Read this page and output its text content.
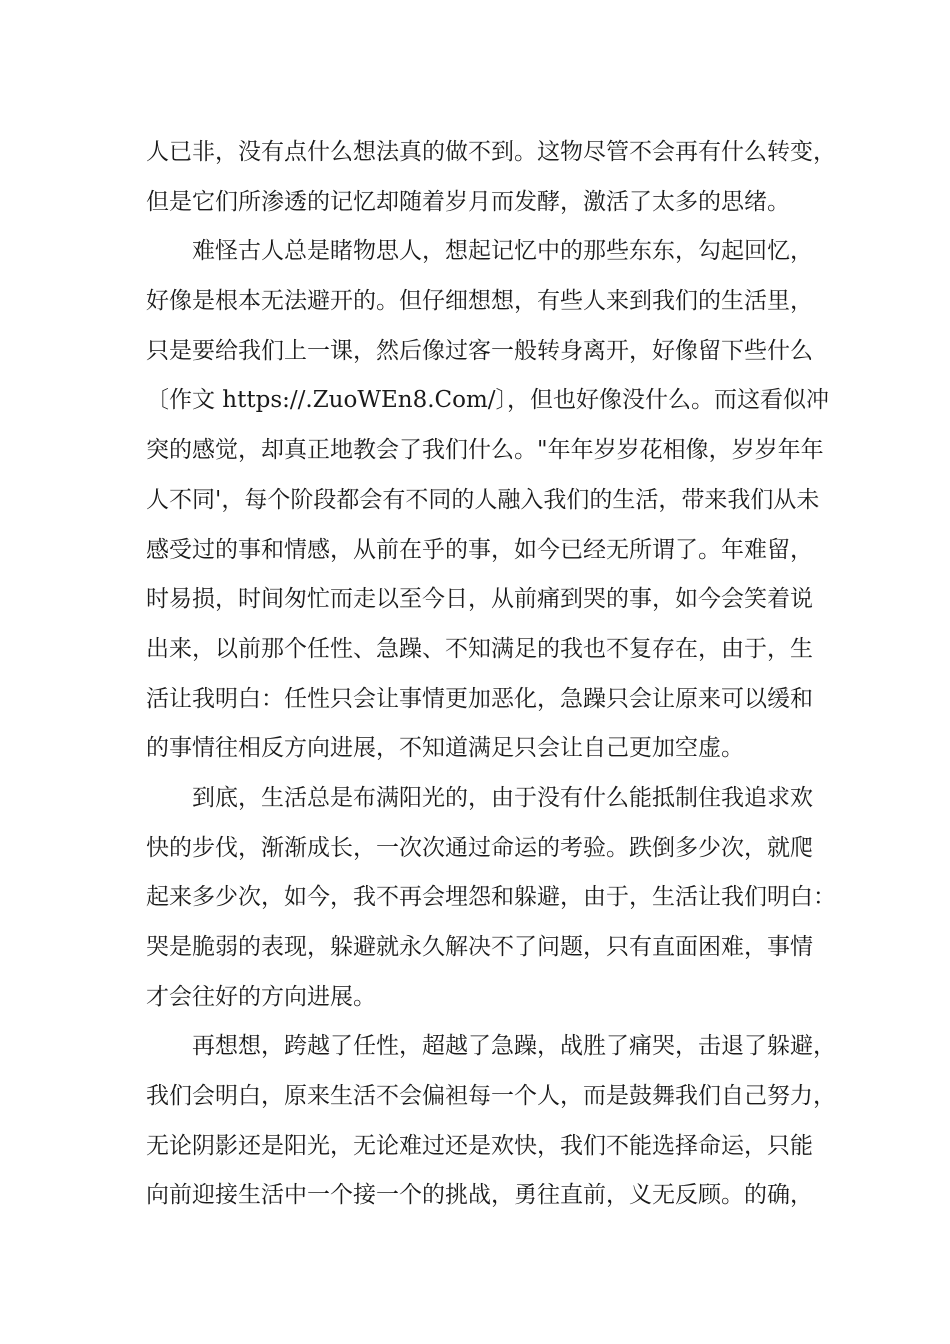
人已非，没有点什么想法真的做不到。这物尽管不会再有什么转变，
但是它们所渗透的记忆却随着岁月而发酵，激活了太多的思绪。
难怪古人总是睹物思人，想起记忆中的那些东东，勾起回忆，
好像是根本无法避开的。但仔细想想，有些人来到我们的生活里，
只是要给我们上一课，然后像过客一般转身离开，好像留下些什么
〔作文 https://.ZuoWEn8.Com/〕，但也好像没什么。而这看似冲
突的感觉，却真正地教会了我们什么。"年年岁岁花相像，岁岁年年
人不同'，每个阶段都会有不同的人融入我们的生活，带来我们从未
感受过的事和情感，从前在乎的事，如今已经无所谓了。年难留，
时易损，时间匆忙而走以至今日，从前痛到哭的事，如今会笑着说
出来，以前那个任性、急躁、不知满足的我也不复存在，由于，生
活让我明白：任性只会让事情更加恶化，急躁只会让原来可以缓和
的事情往相反方向进展，不知道满足只会让自己更加空虚。
到底，生活总是布满阳光的，由于没有什么能抵制住我追求欢
快的步伐，渐渐成长，一次次通过命运的考验。跌倒多少次，就爬
起来多少次，如今，我不再会埋怨和躲避，由于，生活让我们明白：
哭是脆弱的表现，躲避就永久解决不了问题，只有直面困难，事情
才会往好的方向进展。
再想想，跨越了任性，超越了急躁，战胜了痛哭，击退了躲避，
我们会明白，原来生活不会偏袒每一个人，而是鼓舞我们自己努力，
无论阴影还是阳光，无论难过还是欢快，我们不能选择命运，只能
向前迎接生活中一个接一个的挑战，勇往直前，义无反顾。的确，
